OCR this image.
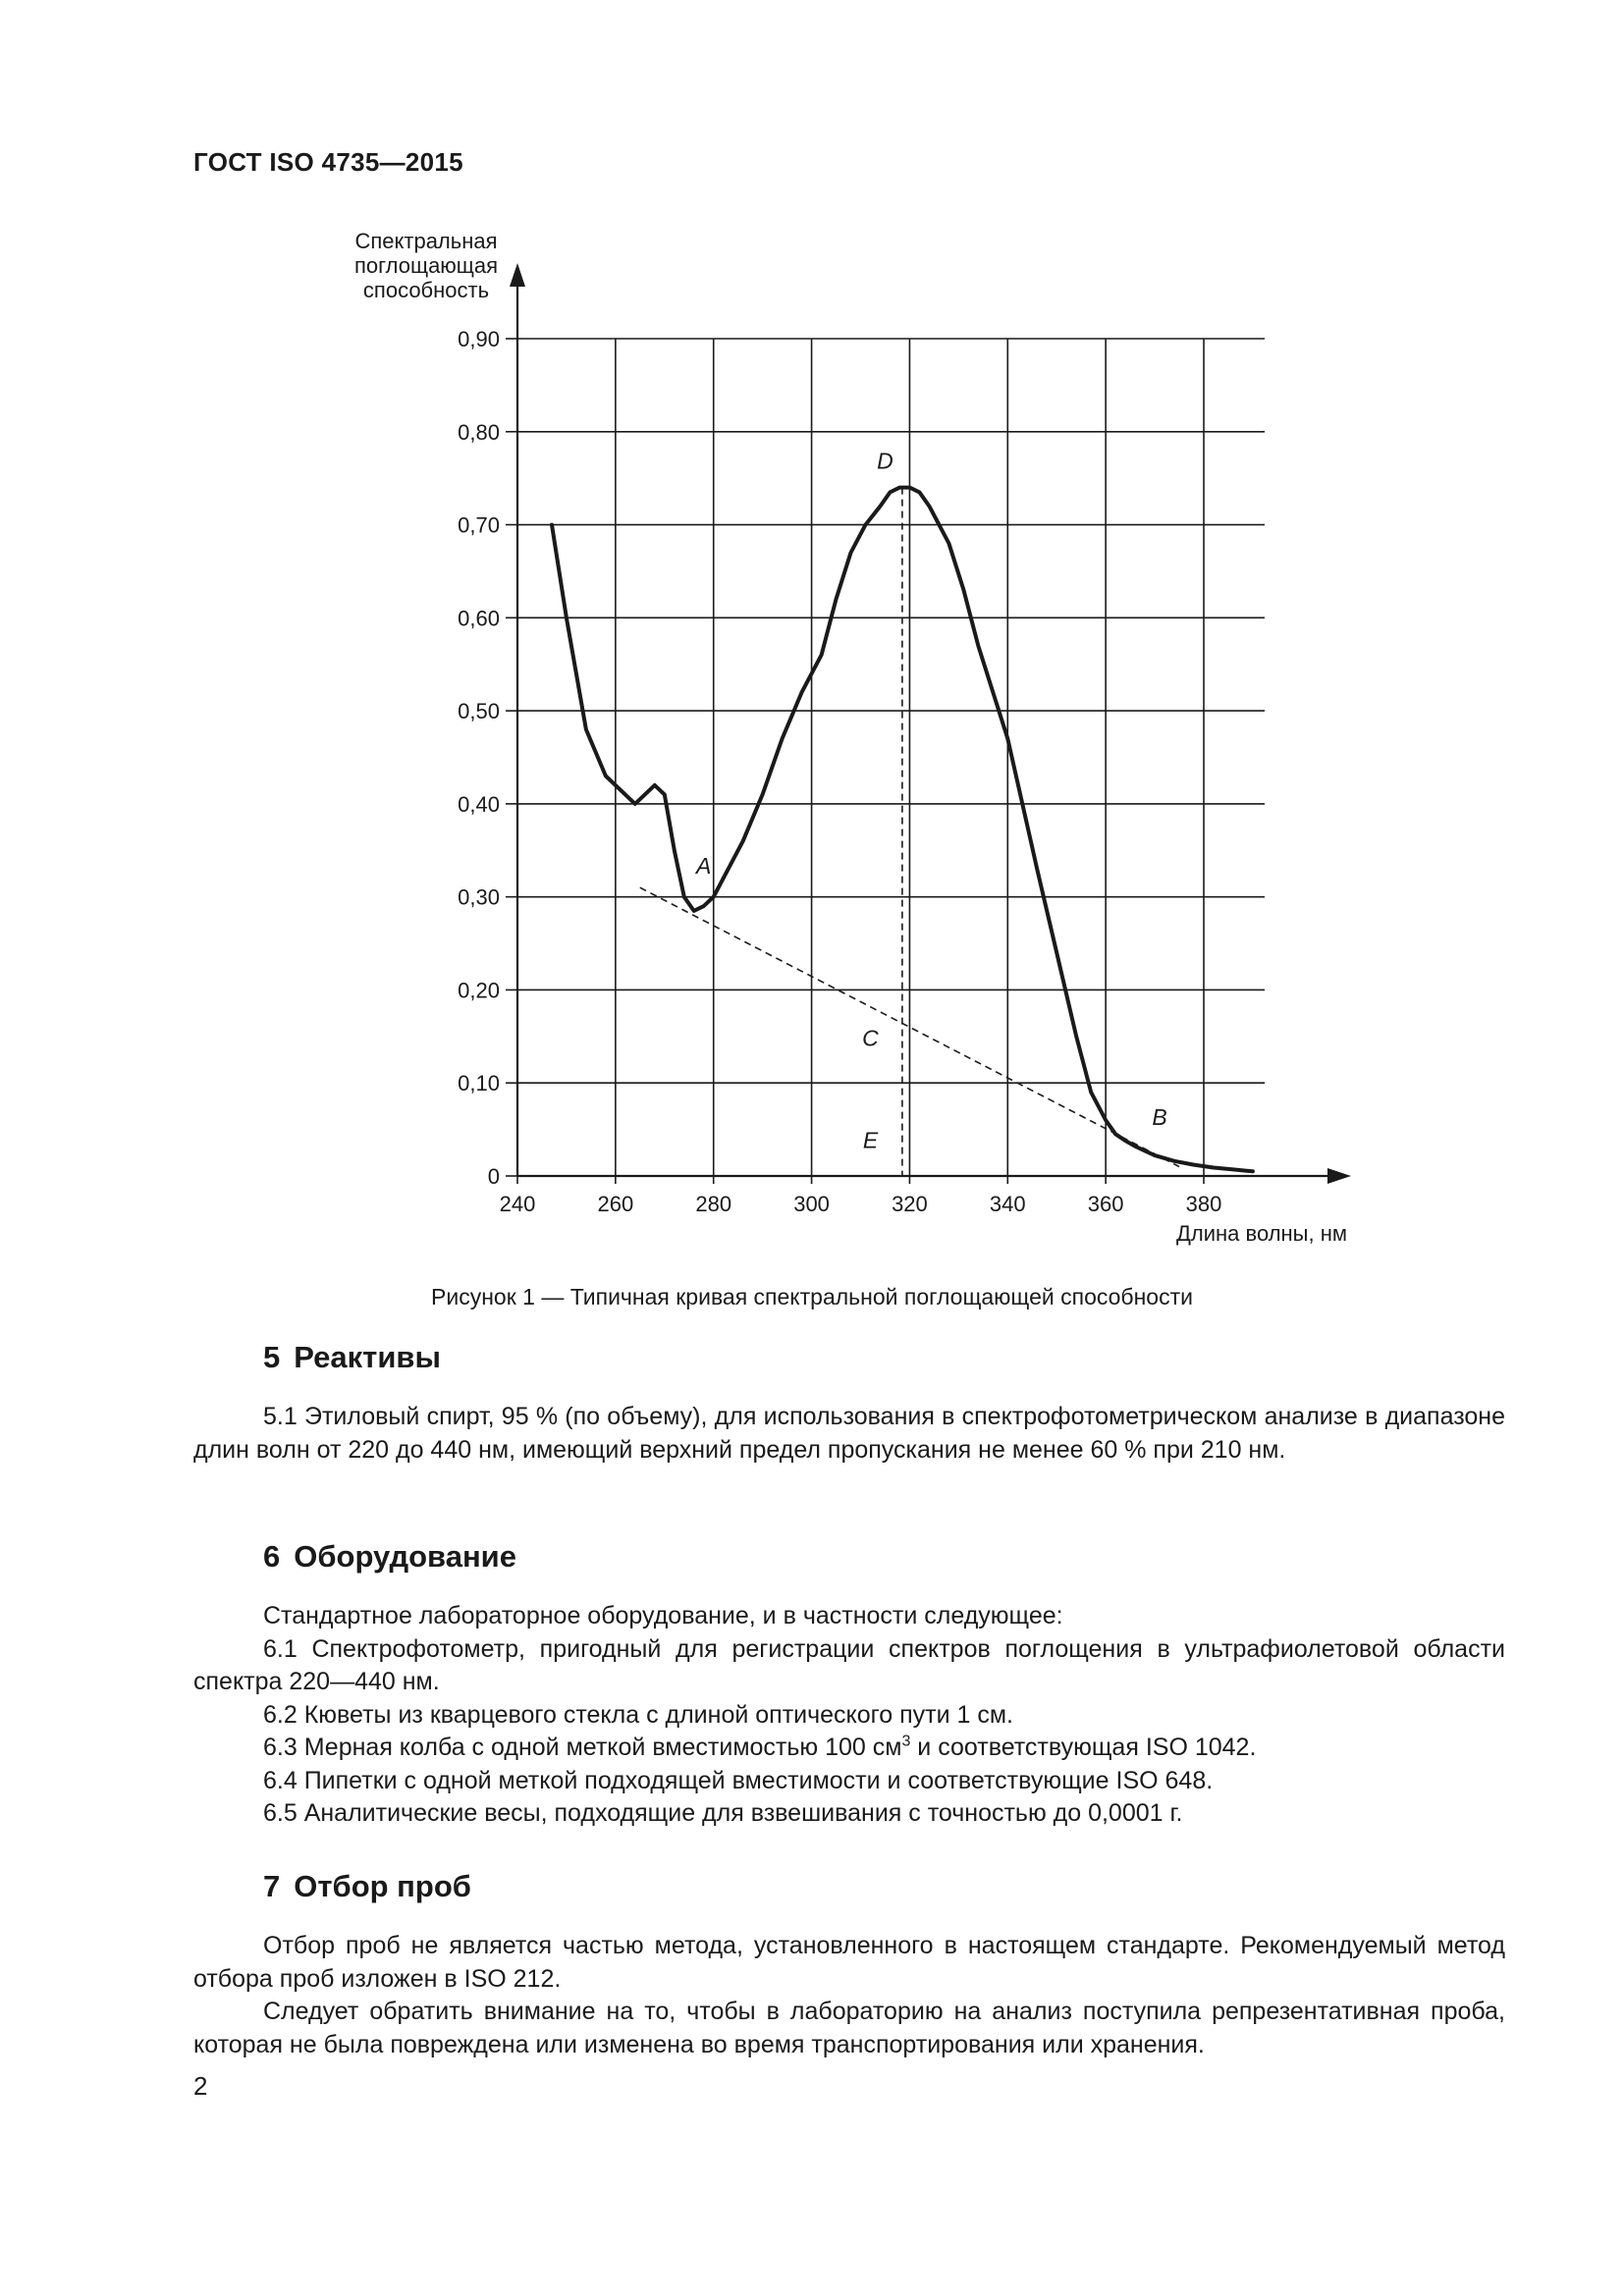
ГОСТ ISO 4735—2015
0
0,10
0,20
0,30
0,40
0,50
0,60
0,70
0,80
0,90
240	260	280	300	320	340	360	380
Спектральная
поглощающая
способность
Длина волны, нм
A
B
C
D
E
Рисунок 1 — Типичная кривая спектральной поглощающей способности
5 Реактивы
5.1 Этиловый спирт, 95 % (по объему), для использования в спектрофотометрическом анализе в диапазоне длин волн от 220 до 440 нм, имеющий верхний предел пропускания не менее 60 % при 210 нм.
6 Оборудование
Стандартное лабораторное оборудование, и в частности следующее:
6.1 Спектрофотометр, пригодный для регистрации спектров поглощения в ультрафиолетовой области спектра 220—440 нм.
6.2 Кюветы из кварцевого стекла с длиной оптического пути 1 см.
6.3 Мерная колба с одной меткой вместимостью 100 $см^3$ и соответствующая ISO 1042.
6.4 Пипетки с одной меткой подходящей вместимости и соответствующие ISO 648.
6.5 Аналитические весы, подходящие для взвешивания с точностью до 0,0001 г.
7 Отбор проб
Отбор проб не является частью метода, установленного в настоящем стандарте. Рекомендуемый метод отбора проб изложен в ISO 212.
Следует обратить внимание на то, чтобы в лабораторию на анализ поступила репрезентативная проба, которая не была повреждена или изменена во время транспортирования или хранения.
2
